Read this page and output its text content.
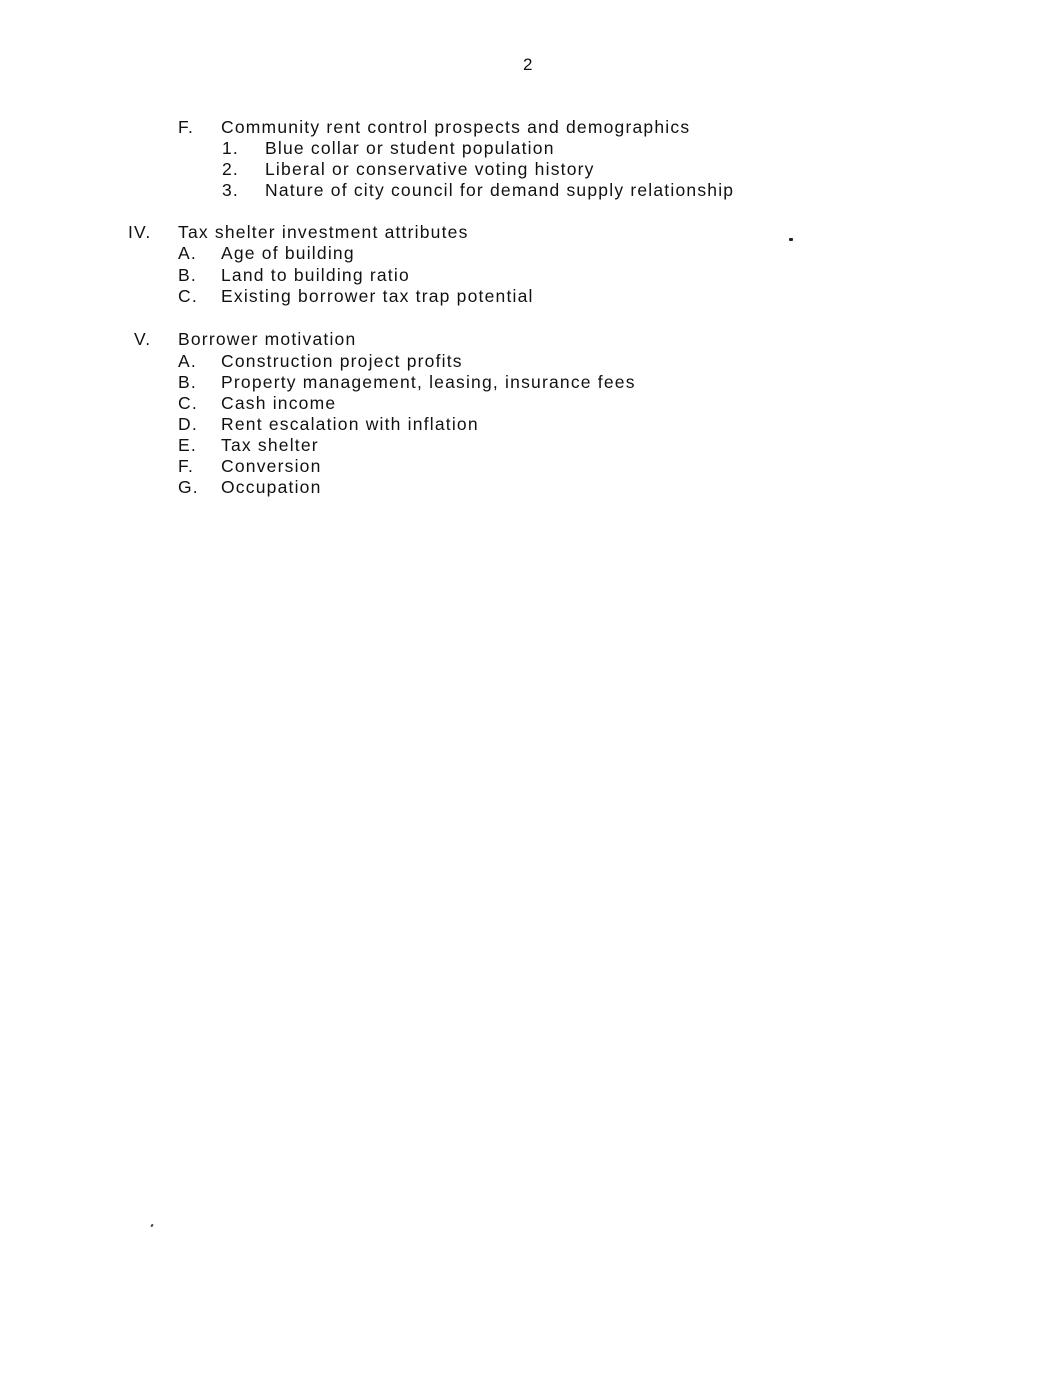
2
F. Community rent control prospects and demographics
1. Blue collar or student population
2. Liberal or conservative voting history
3. Nature of city council for demand supply relationship
IV. Tax shelter investment attributes
A. Age of building
B. Land to building ratio
C. Existing borrower tax trap potential
V. Borrower motivation
A. Construction project profits
B. Property management, leasing, insurance fees
C. Cash income
D. Rent escalation with inflation
E. Tax shelter
F. Conversion
G. Occupation
